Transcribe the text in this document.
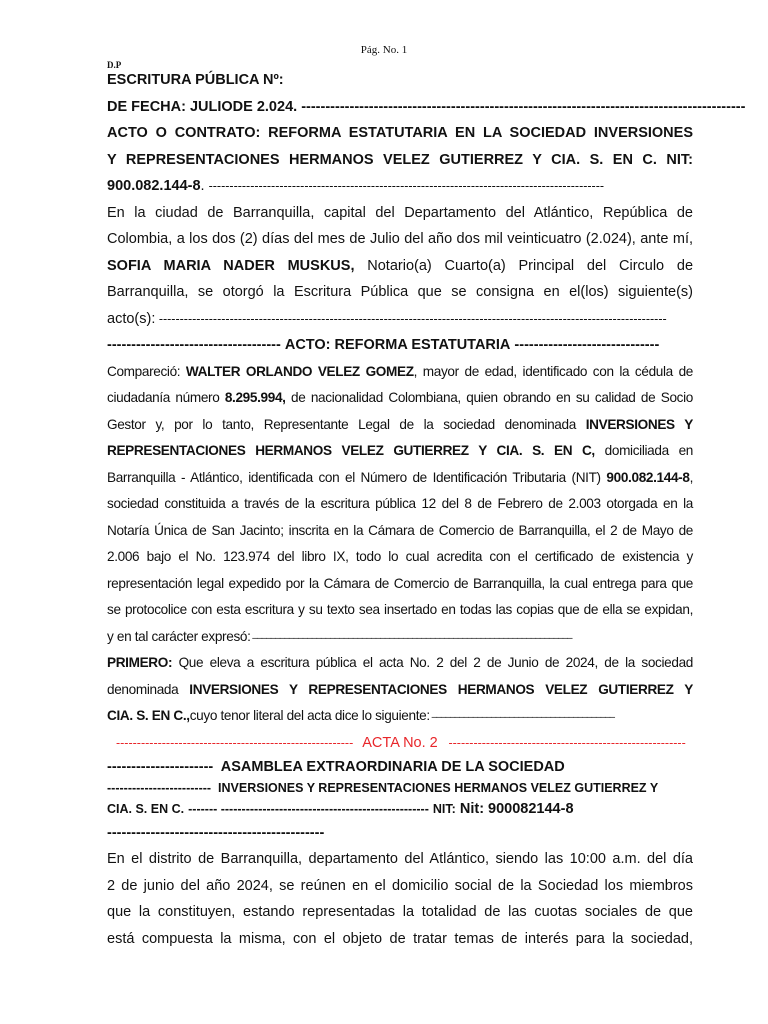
Pág. No. 1
D.P
ESCRITURA PÚBLICA Nº:
DE FECHA: JULIO DE 2.024. --------------------------------------------------------------------------------------------
ACTO O CONTRATO: REFORMA ESTATUTARIA EN LA SOCIEDAD INVERSIONES
Y REPRESENTACIONES HERMANOS VELEZ GUTIERREZ Y CIA. S. EN C. NIT:
900.082.144-8. -----------------------------------------------------------------------------------------------
En la ciudad de Barranquilla, capital del Departamento del Atlántico, República de
Colombia, a los dos (2) días del mes de Julio del año dos mil veinticuatro (2.024), ante mí,
SOFIA MARIA NADER MUSKUS, Notario(a) Cuarto(a) Principal del Circulo de
Barranquilla, se otorgó la Escritura Pública que se consigna en el(los) siguiente(s)
acto(s): --------------------------------------------------------------------------------------------------------------------------
------------------------------------ ACTO: REFORMA ESTATUTARIA ------------------------------
Compareció: WALTER ORLANDO VELEZ GOMEZ, mayor de edad, identificado con la cédula de
ciudadanía número 8.295.994, de nacionalidad Colombiana, quien obrando en su calidad de Socio
Gestor y, por lo tanto, Representante Legal de la sociedad denominada INVERSIONES Y
REPRESENTACIONES HERMANOS VELEZ GUTIERREZ Y CIA. S. EN C, domiciliada en
Barranquilla - Atlántico, identificada con el Número de Identificación Tributaria (NIT) 900.082.144-8,
sociedad constituida a través de la escritura pública 12 del 8 de Febrero de 2.003 otorgada en la
Notaría Única de San Jacinto; inscrita en la Cámara de Comercio de Barranquilla, el 2 de Mayo de
2.006 bajo el No. 123.974 del libro IX, todo lo cual acredita con el certificado de existencia y
representación legal expedido por la Cámara de Comercio de Barranquilla, la cual entrega para que
se protocolice con esta escritura y su texto sea insertado en todas las copias que de ella se expidan,
y en tal carácter expresó: ––––––––––––––––––––––––––––––––––––––––––––––––––––––––––––––––––––––
PRIMERO: Que eleva a escritura pública el acta No. 2 del 2 de Junio de 2024, de la sociedad
denominada INVERSIONES Y REPRESENTACIONES HERMANOS VELEZ GUTIERREZ Y
CIA. S. EN C., cuyo tenor literal del acta dice lo siguiente: ––––––––––––––––––––––––––––––––––––––––
--------------------------------------------------------- ACTA No. 2 ---------------------------------------------------------
----------------------  ASAMBLEA EXTRAORDINARIA DE LA SOCIEDAD
-------------------------  INVERSIONES Y REPRESENTACIONES HERMANOS VELEZ GUTIERREZ Y
CIA. S. EN C. ------- -------------------------------------------------- NIT: Nit: 900082144-8
---------------------------------------------
En el distrito de Barranquilla, departamento del Atlántico, siendo las 10:00 a.m. del día
2 de junio del año 2024, se reúnen en el domicilio social de la Sociedad los miembros
que la constituyen, estando representadas la totalidad de las cuotas sociales de que
está compuesta la misma, con el objeto de tratar temas de interés para la sociedad,
